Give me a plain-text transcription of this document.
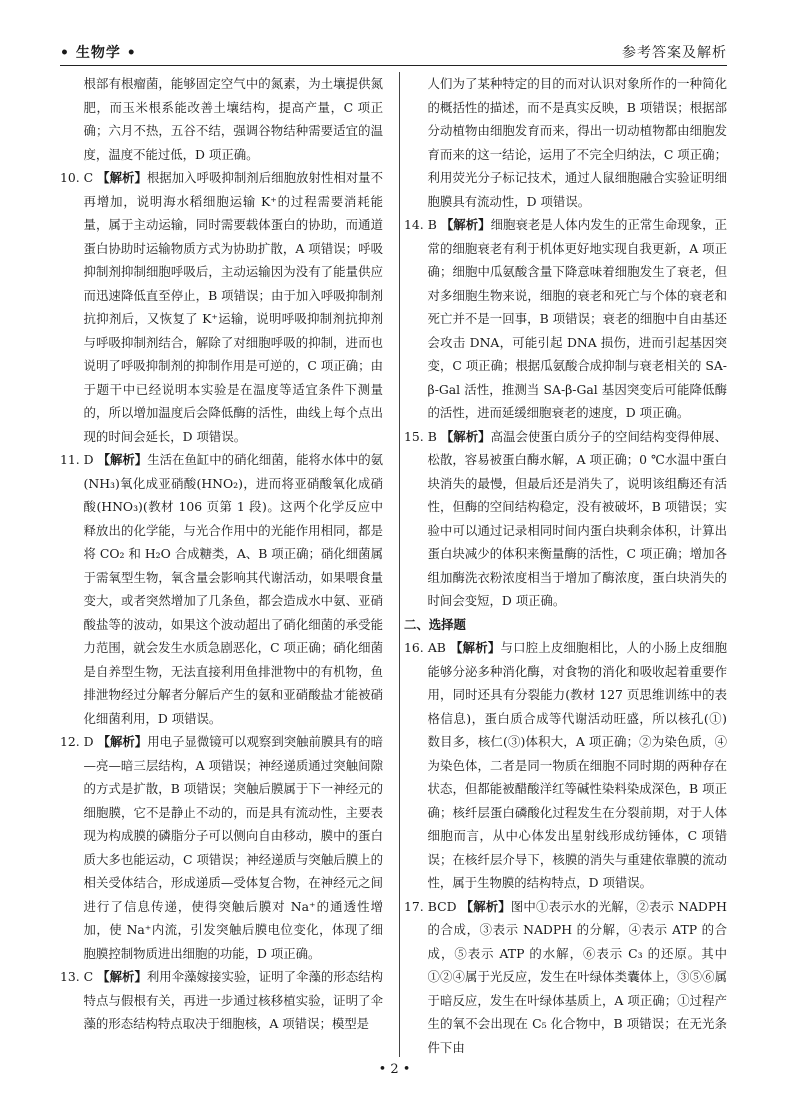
• 生物学 •	参考答案及解析

根部有根瘤菌，能够固定空气中的氮素，为土壤提供氮肥，而玉米根系能改善土壤结构，提高产量，C 项正确；六月不热，五谷不结，强调谷物结种需要适宜的温度，温度不能过低，D 项正确。

10. C 【解析】根据加入呼吸抑制剂后细胞放射性相对量不再增加，说明海水稻细胞运输 K⁺的过程需要消耗能量，属于主动运输，同时需要载体蛋白的协助，而通道蛋白协助时运输物质方式为协助扩散，A 项错误；呼吸抑制剂抑制细胞呼吸后，主动运输因为没有了能量供应而迅速降低直至停止，B 项错误；由于加入呼吸抑制剂抗抑剂后，又恢复了 K⁺运输，说明呼吸抑制剂抗抑剂与呼吸抑制剂结合，解除了对细胞呼吸的抑制，进而也说明了呼吸抑制剂的抑制作用是可逆的，C 项正确；由于题干中已经说明本实验是在温度等适宜条件下测量的，所以增加温度后会降低酶的活性，曲线上每个点出现的时间会延长，D 项错误。

11. D 【解析】生活在鱼缸中的硝化细菌，能将水体中的氨(NH₃)氧化成亚硝酸(HNO₂)，进而将亚硝酸氧化成硝酸(HNO₃)(教材 106 页第 1 段)。这两个化学反应中释放出的化学能，与光合作用中的光能作用相同，都是将 CO₂ 和 H₂O 合成糖类，A、B 项正确；硝化细菌属于需氧型生物，氧含量会影响其代谢活动，如果喂食量变大，或者突然增加了几条鱼，都会造成水中氨、亚硝酸盐等的波动，如果这个波动超出了硝化细菌的承受能力范围，就会发生水质急剧恶化，C 项正确；硝化细菌是自养型生物，无法直接利用鱼排泄物中的有机物，鱼排泄物经过分解者分解后产生的氨和亚硝酸盐才能被硝化细菌利用，D 项错误。

12. D 【解析】用电子显微镜可以观察到突触前膜具有的暗—亮—暗三层结构，A 项错误；神经递质通过突触间隙的方式是扩散，B 项错误；突触后膜属于下一神经元的细胞膜，它不是静止不动的，而是具有流动性，主要表现为构成膜的磷脂分子可以侧向自由移动，膜中的蛋白质大多也能运动，C 项错误；神经递质与突触后膜上的相关受体结合，形成递质—受体复合物，在神经元之间进行了信息传递，使得突触后膜对 Na⁺的通透性增加，使 Na⁺内流，引发突触后膜电位变化，体现了细胞膜控制物质进出细胞的功能，D 项正确。

13. C 【解析】利用伞藻嫁接实验，证明了伞藻的形态结构特点与假根有关，再进一步通过核移植实验，证明了伞藻的形态结构特点取决于细胞核，A 项错误；模型是

人们为了某种特定的目的而对认识对象所作的一种简化的概括性的描述，而不是真实反映，B 项错误；根据部分动植物由细胞发育而来，得出一切动植物都由细胞发育而来的这一结论，运用了不完全归纳法，C 项正确；利用荧光分子标记技术，通过人鼠细胞融合实验证明细胞膜具有流动性，D 项错误。

14. B 【解析】细胞衰老是人体内发生的正常生命现象，正常的细胞衰老有利于机体更好地实现自我更新，A 项正确；细胞中瓜氨酸含量下降意味着细胞发生了衰老，但对多细胞生物来说，细胞的衰老和死亡与个体的衰老和死亡并不是一回事，B 项错误；衰老的细胞中自由基还会攻击 DNA，可能引起 DNA 损伤，进而引起基因突变，C 项正确；根据瓜氨酸合成抑制与衰老相关的 SA-β-Gal 活性，推测当 SA-β-Gal 基因突变后可能降低酶的活性，进而延缓细胞衰老的速度，D 项正确。

15. B 【解析】高温会使蛋白质分子的空间结构变得伸展、松散，容易被蛋白酶水解，A 项正确；0 ℃水温中蛋白块消失的最慢，但最后还是消失了，说明该组酶还有活性，但酶的空间结构稳定，没有被破坏，B 项错误；实验中可以通过记录相同时间内蛋白块剩余体积，计算出蛋白块减少的体积来衡量酶的活性，C 项正确；增加各组加酶洗衣粉浓度相当于增加了酶浓度，蛋白块消失的时间会变短，D 项正确。

二、选择题

16. AB 【解析】与口腔上皮细胞相比，人的小肠上皮细胞能够分泌多种消化酶，对食物的消化和吸收起着重要作用，同时还具有分裂能力(教材 127 页思维训练中的表格信息)，蛋白质合成等代谢活动旺盛，所以核孔(①)数目多，核仁(③)体积大，A 项正确；②为染色质，④为染色体，二者是同一物质在细胞不同时期的两种存在状态，但都能被醋酸洋红等碱性染料染成深色，B 项正确；核纤层蛋白磷酸化过程发生在分裂前期，对于人体细胞而言，从中心体发出星射线形成纺锤体，C 项错误；在核纤层介导下，核膜的消失与重建依靠膜的流动性，属于生物膜的结构特点，D 项错误。

17. BCD 【解析】图中①表示水的光解，②表示 NADPH 的合成，③表示 NADPH 的分解，④表示 ATP 的合成，⑤表示 ATP 的水解，⑥表示 C₃ 的还原。其中①②④属于光反应，发生在叶绿体类囊体上，③⑤⑥属于暗反应，发生在叶绿体基质上，A 项正确；①过程产生的氧不会出现在 C₅ 化合物中，B 项错误；在无光条件下由

• 2 •
